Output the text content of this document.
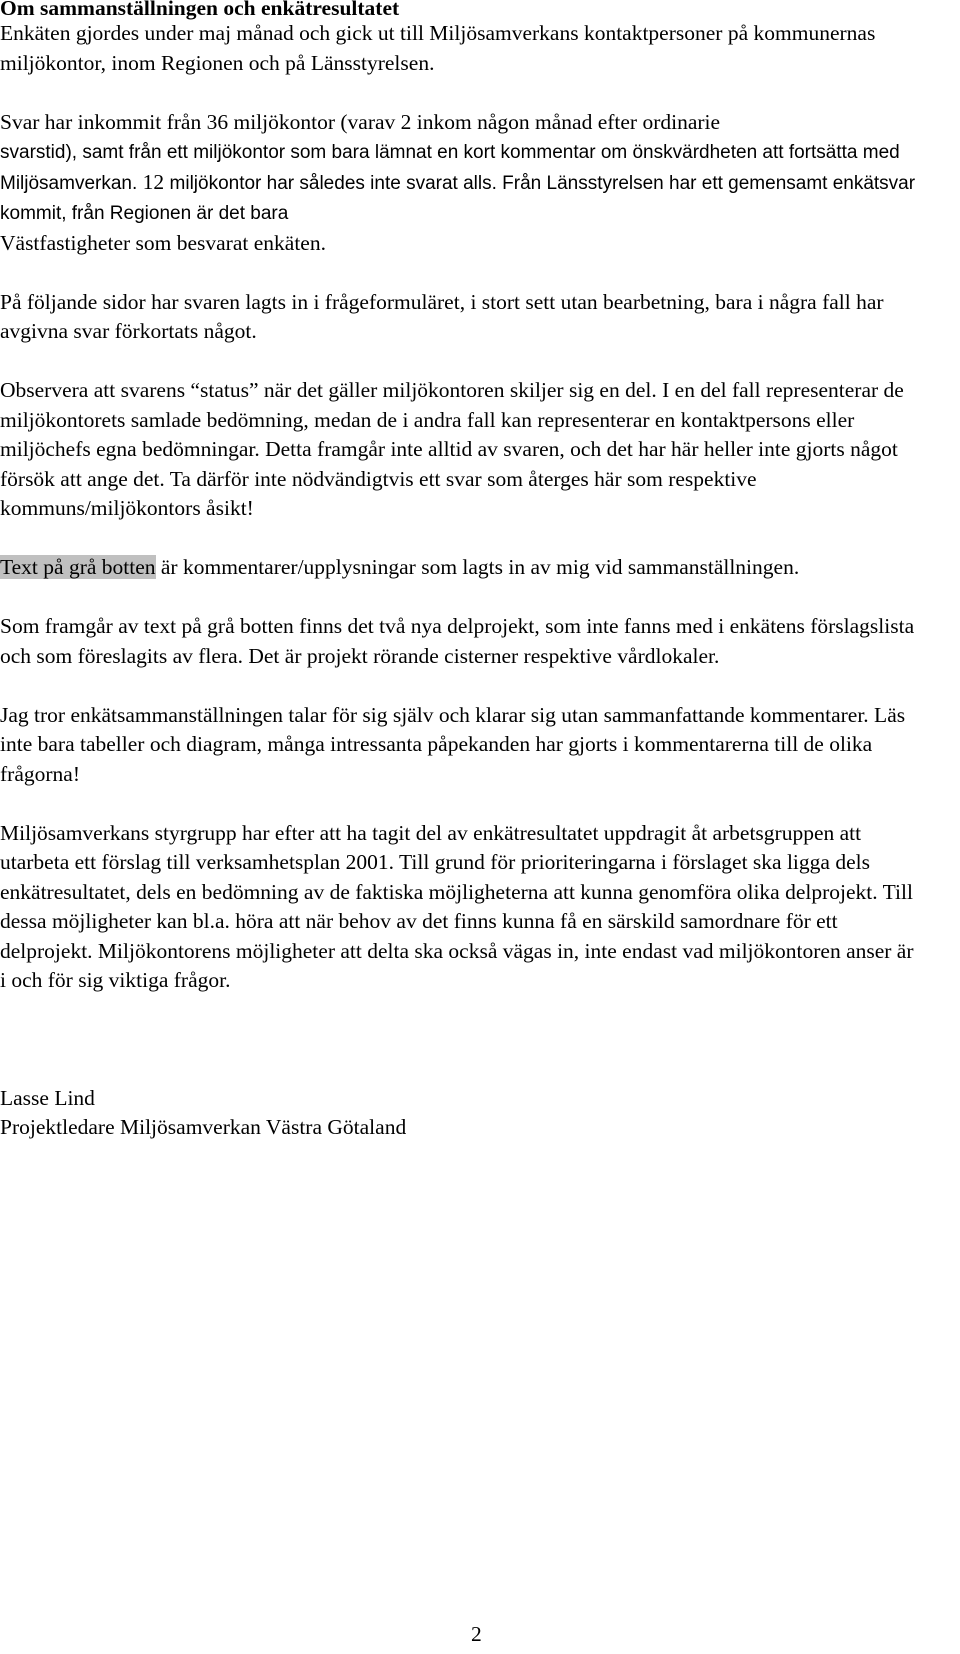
Om sammanställningen och enkätresultatet

Enkäten gjordes under maj månad och gick ut till Miljösamverkans kontaktpersoner på kommunernas miljökontor, inom Regionen och på Länsstyrelsen.

Svar har inkommit från 36 miljökontor (varav 2 inkom någon månad efter ordinarie
svarstid), samt från ett miljökontor som bara lämnat en kort kommentar om önskvärdheten att fortsätta med Miljösamverkan. 12 miljökontor har således inte svarat alls. Från Länsstyrelsen har ett gemensamt enkätsvar kommit, från Regionen är det bara
Västfastigheter som besvarat enkäten.

På följande sidor har svaren lagts in i frågeformuläret, i stort sett utan bearbetning, bara i några fall har avgivna svar förkortats något.

Observera att svarens “status” när det gäller miljökontoren skiljer sig en del. I en del fall representerar de miljökontorets samlade bedömning, medan de i andra fall kan representerar en kontaktpersons eller miljöchefs egna bedömningar. Detta framgår inte alltid av svaren, och det har här heller inte gjorts något försök att ange det. Ta därför inte nödvändigtvis ett svar som återges här som respektive kommuns/miljökontors åsikt!

Text på grå botten är kommentarer/upplysningar som lagts in av mig vid sammanställningen.

Som framgår av text på grå botten finns det två nya delprojekt, som inte fanns med i enkätens förslagslista och som föreslagits av flera. Det är projekt rörande cisterner respektive vårdlokaler.

Jag tror enkätsammanställningen talar för sig själv och klarar sig utan sammanfattande kommentarer. Läs inte bara tabeller och diagram, många intressanta påpekanden har gjorts i kommentarerna till de olika frågorna!

Miljösamverkans styrgrupp har efter att ha tagit del av enkätresultatet uppdragit åt arbetsgruppen att utarbeta ett förslag till verksamhetsplan 2001. Till grund för prioriteringarna i förslaget ska ligga dels enkätresultatet, dels en bedömning av de faktiska möjligheterna att kunna genomföra olika delprojekt. Till dessa möjligheter kan bl.a. höra att när behov av det finns kunna få en särskild samordnare för ett delprojekt. Miljökontorens möjligheter att delta ska också vägas in, inte endast vad miljökontoren anser är i och för sig viktiga frågor.

Lasse Lind

Projektledare Miljösamverkan Västra Götaland

2
